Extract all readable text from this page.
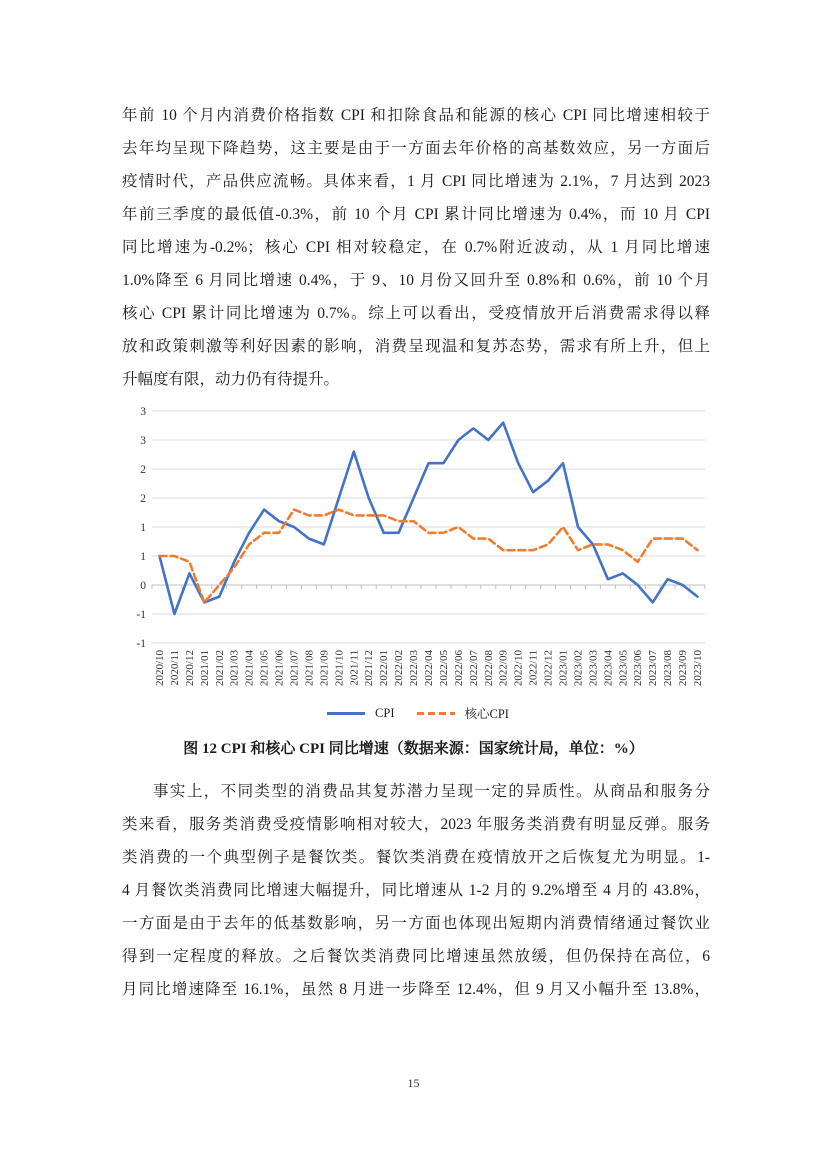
年前 10 个月内消费价格指数 CPI 和扣除食品和能源的核心 CPI 同比增速相较于
去年均呈现下降趋势，这主要是由于一方面去年价格的高基数效应，另一方面后
疫情时代，产品供应流畅。具体来看，1 月 CPI 同比增速为 2.1%，7 月达到 2023
年前三季度的最低值-0.3%，前 10 个月 CPI 累计同比增速为 0.4%，而 10 月 CPI
同比增速为-0.2%；核心 CPI 相对较稳定，在 0.7%附近波动，从 1 月同比增速
1.0%降至 6 月同比增速 0.4%，于 9、10 月份又回升至 0.8%和 0.6%，前 10 个月
核心 CPI 累计同比增速为 0.7%。综上可以看出，受疫情放开后消费需求得以释
放和政策刺激等利好因素的影响，消费呈现温和复苏态势，需求有所上升，但上
升幅度有限，动力仍有待提升。
3
3
2
2
1
1
0
-1
-1
2020/10 2020/11 2020/12 2021/01 2021/02 2021/03 2021/04 2021/05 2021/06 2021/07 2021/08 2021/09 2021/10 2021/11 2021/12 2022/01 2022/02 2022/03 2022/04 2022/05 2022/06 2022/07 2022/08 2022/09 2022/10 2022/11 2022/12 2023/01 2023/02 2023/03 2023/04 2023/05 2023/06 2023/07 2023/08 2023/09 2023/10
CPI	核心CPI
图 12 CPI 和核心 CPI 同比增速（数据来源：国家统计局，单位：%）
事实上，不同类型的消费品其复苏潜力呈现一定的异质性。从商品和服务分
类来看，服务类消费受疫情影响相对较大，2023 年服务类消费有明显反弹。服务
类消费的一个典型例子是餐饮类。餐饮类消费在疫情放开之后恢复尤为明显。1-
4 月餐饮类消费同比增速大幅提升，同比增速从 1-2 月的 9.2%增至 4 月的 43.8%，
一方面是由于去年的低基数影响，另一方面也体现出短期内消费情绪通过餐饮业
得到一定程度的释放。之后餐饮类消费同比增速虽然放缓，但仍保持在高位，6
月同比增速降至 16.1%，虽然 8 月进一步降至 12.4%，但 9 月又小幅升至 13.8%，
15
